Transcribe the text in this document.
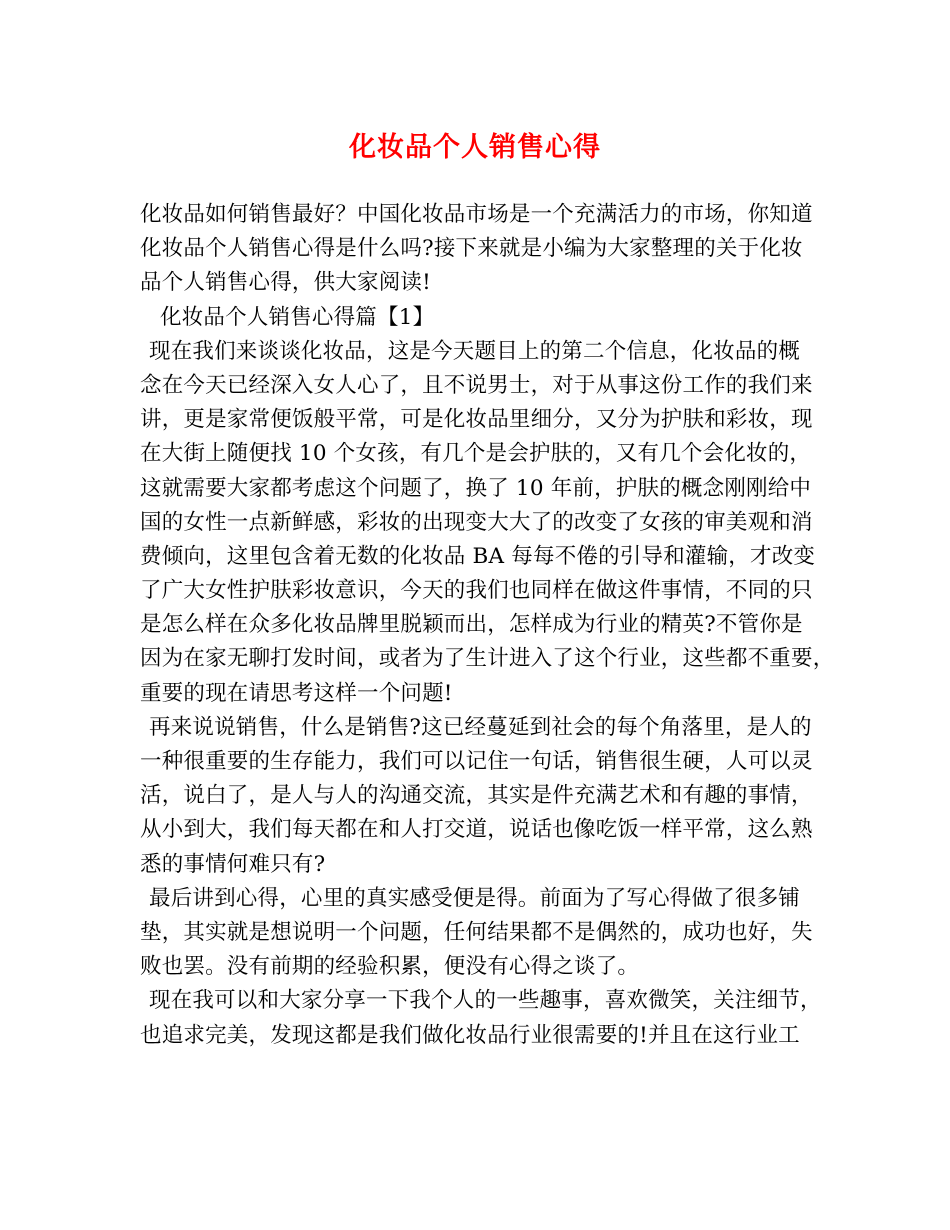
化妆品个人销售心得
化妆品如何销售最好？中国化妆品市场是一个充满活力的市场，你知道
化妆品个人销售心得是什么吗?接下来就是小编为大家整理的关于化妆
品个人销售心得，供大家阅读!
化妆品个人销售心得篇【1】
现在我们来谈谈化妆品，这是今天题目上的第二个信息，化妆品的概
念在今天已经深入女人心了，且不说男士，对于从事这份工作的我们来
讲，更是家常便饭般平常，可是化妆品里细分，又分为护肤和彩妆，现
在大街上随便找 10 个女孩，有几个是会护肤的，又有几个会化妆的，
这就需要大家都考虑这个问题了，换了 10 年前，护肤的概念刚刚给中
国的女性一点新鲜感，彩妆的出现变大大了的改变了女孩的审美观和消
费倾向，这里包含着无数的化妆品 BA 每每不倦的引导和灌输，才改变
了广大女性护肤彩妆意识，今天的我们也同样在做这件事情，不同的只
是怎么样在众多化妆品牌里脱颖而出，怎样成为行业的精英?不管你是
因为在家无聊打发时间，或者为了生计进入了这个行业，这些都不重要，
重要的现在请思考这样一个问题!
再来说说销售，什么是销售?这已经蔓延到社会的每个角落里，是人的
一种很重要的生存能力，我们可以记住一句话，销售很生硬，人可以灵
活，说白了，是人与人的沟通交流，其实是件充满艺术和有趣的事情，
从小到大，我们每天都在和人打交道，说话也像吃饭一样平常，这么熟
悉的事情何难只有?
最后讲到心得，心里的真实感受便是得。前面为了写心得做了很多铺
垫，其实就是想说明一个问题，任何结果都不是偶然的，成功也好，失
败也罢。没有前期的经验积累，便没有心得之谈了。
现在我可以和大家分享一下我个人的一些趣事，喜欢微笑，关注细节，
也追求完美，发现这都是我们做化妆品行业很需要的!并且在这行业工
